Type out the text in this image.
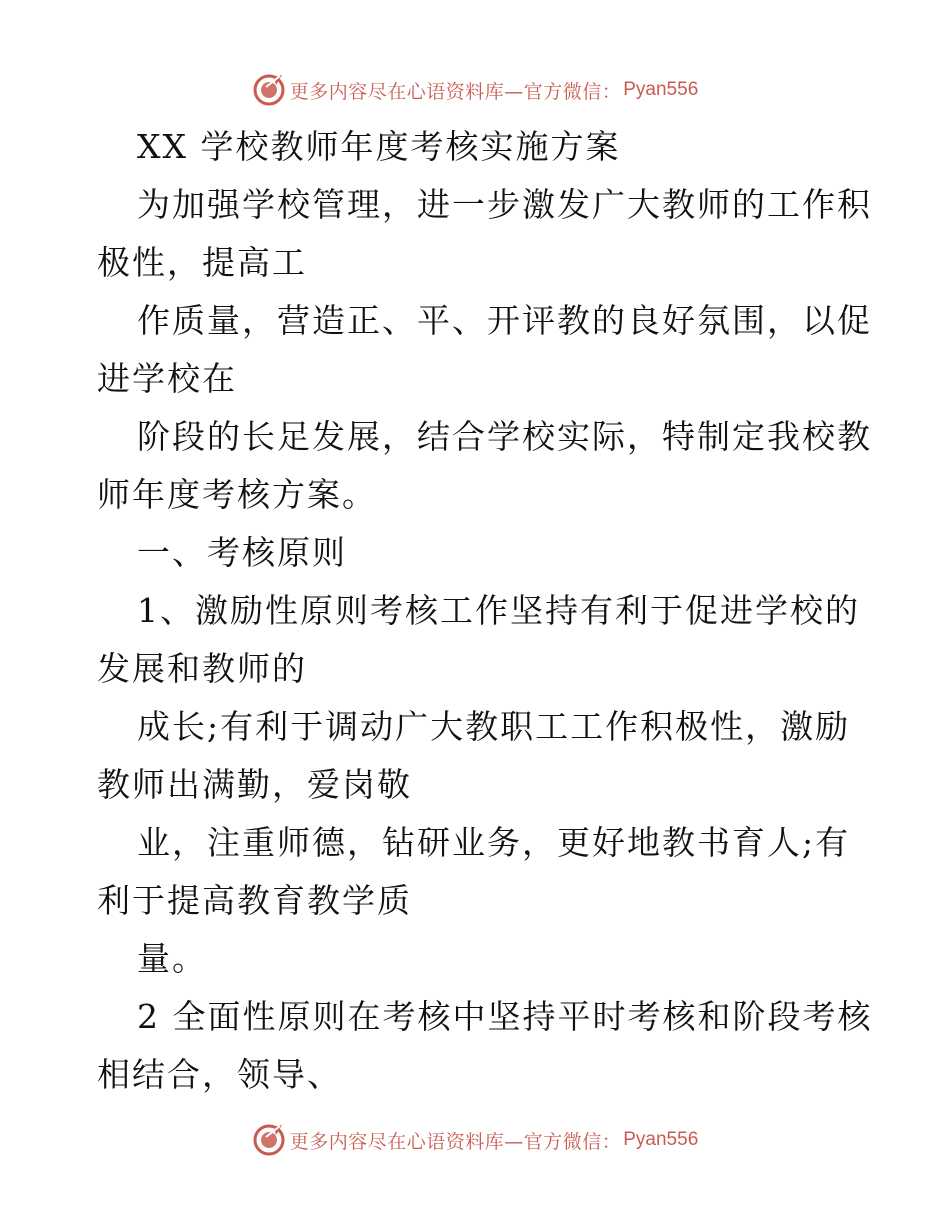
更多内容尽在心语资料库—官方微信： Pyan556
XX 学校教师年度考核实施方案
为加强学校管理，进一步激发广大教师的工作积
极性，提高工
作质量，营造正、平、开评教的良好氛围，以促
进学校在
阶段的长足发展，结合学校实际，特制定我校教
师年度考核方案。
一、考核原则
1、激励性原则考核工作坚持有利于促进学校的
发展和教师的
成长;有利于调动广大教职工工作积极性，激励
教师出满勤，爱岗敬
业，注重师德，钻研业务，更好地教书育人;有
利于提高教育教学质
量。
2 全面性原则在考核中坚持平时考核和阶段考核
相结合，领导、
更多内容尽在心语资料库—官方微信： Pyan556
